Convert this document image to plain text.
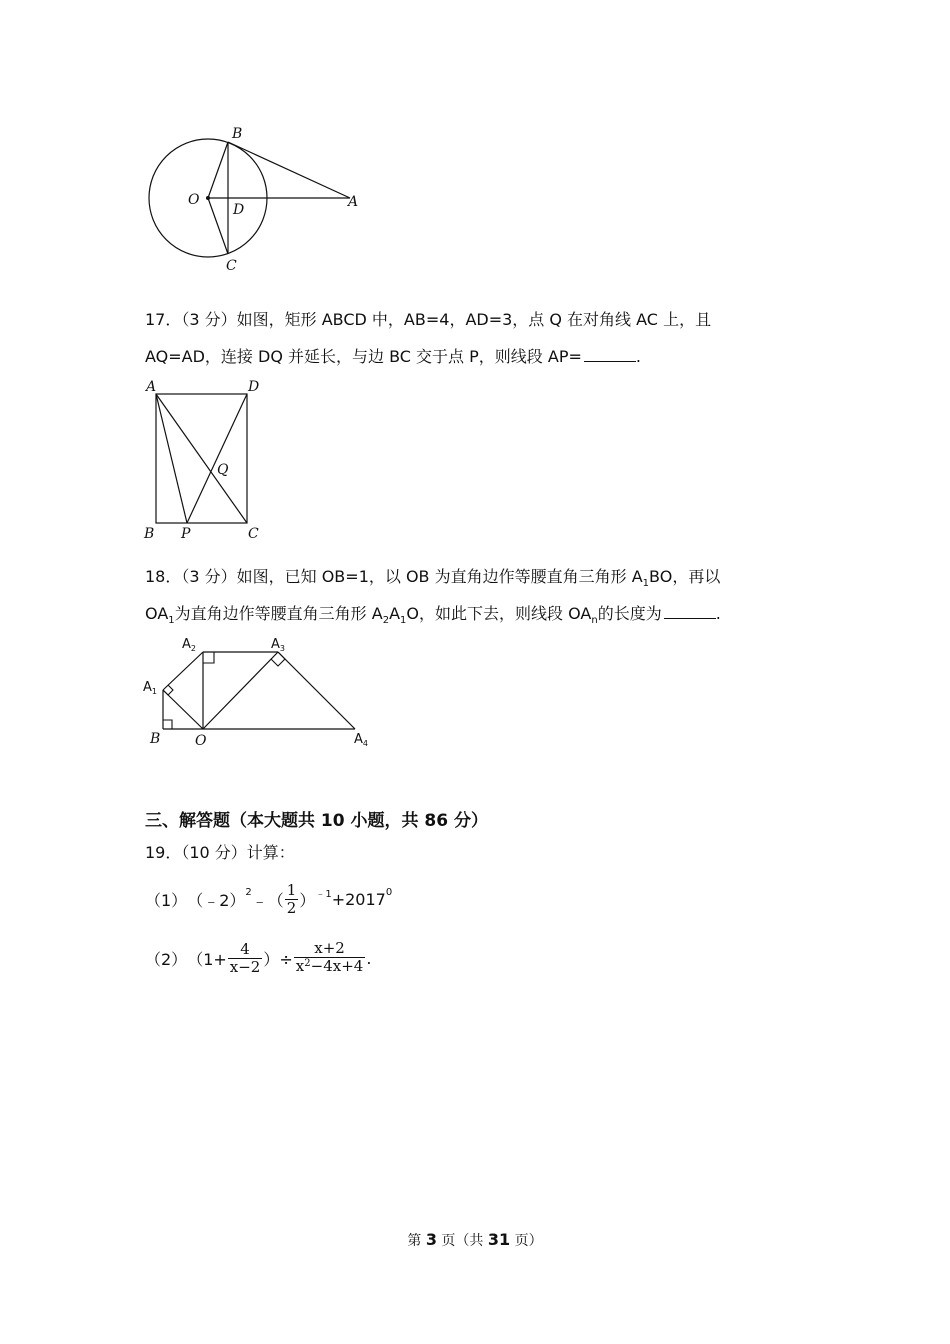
B
O
D	A
C
17．（3 分）如图，矩形 ABCD 中，AB=4，AD=3，点 Q 在对角线 AC 上，且
AQ=AD，连接 DQ 并延长，与边 BC 交于点 P，则线段 AP=	.
A	D
Q
B P	C
18．（3 分）如图，已知 OB=1，以 OB 为直角边作等腰直角三角形 $A_1BO$，再以
$OA_1$为直角边作等腰直角三角形 $A_2A_1O$，如此下去，则线段 $OA_n$的长度为	.
$A_2$	$A_3$
$A_1$
B O	$A_4$
三、解答题（本大题共 10 小题，共 86 分）
19．（10 分）计算：
（1） （﹣2） 2 ﹣（ $\frac{1}{2}$ ） ﹣1 +2017 0
（2） （$1+ \frac{4}{x-2}$ ）÷ $\frac{x+2}{x^2-4x+4}$ .
第 3 页（共 31 页）
